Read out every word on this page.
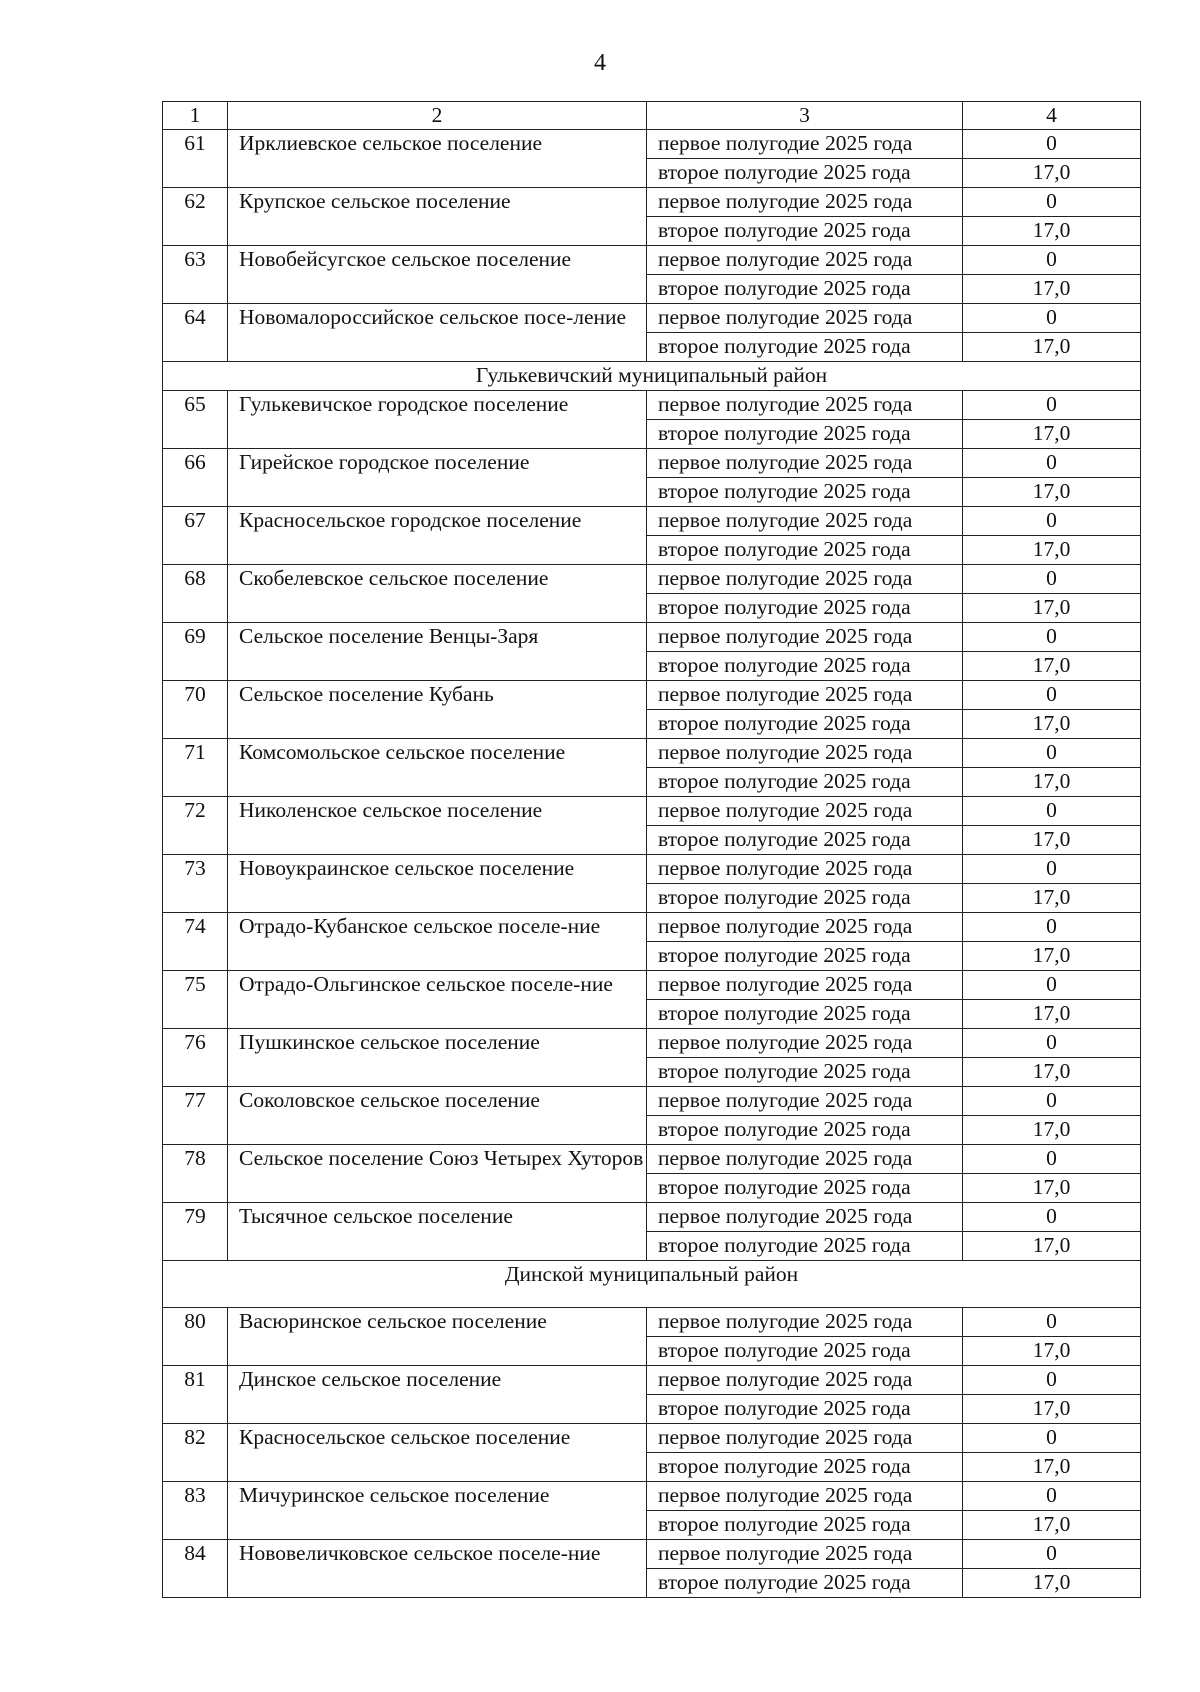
4
1	2	3	4
61	Ирклиевское сельское поселение	первое полугодие 2025 года	0
		второе полугодие 2025 года	17,0
62	Крупское сельское поселение	первое полугодие 2025 года	0
		второе полугодие 2025 года	17,0
63	Новобейсугское сельское поселение	первое полугодие 2025 года	0
		второе полугодие 2025 года	17,0
64	Новомалороссийское сельское посе-ление	первое полугодие 2025 года	0
		второе полугодие 2025 года	17,0
Гулькевичский муниципальный район			
65	Гулькевичское городское поселение	первое полугодие 2025 года	0
		второе полугодие 2025 года	17,0
66	Гирейское городское поселение	первое полугодие 2025 года	0
		второе полугодие 2025 года	17,0
67	Красносельское городское поселение	первое полугодие 2025 года	0
		второе полугодие 2025 года	17,0
68	Скобелевское сельское поселение	первое полугодие 2025 года	0
		второе полугодие 2025 года	17,0
69	Сельское поселение Венцы-Заря	первое полугодие 2025 года	0
		второе полугодие 2025 года	17,0
70	Сельское поселение Кубань	первое полугодие 2025 года	0
		второе полугодие 2025 года	17,0
71	Комсомольское сельское поселение	первое полугодие 2025 года	0
		второе полугодие 2025 года	17,0
72	Николенское сельское поселение	первое полугодие 2025 года	0
		второе полугодие 2025 года	17,0
73	Новоукраинское сельское поселение	первое полугодие 2025 года	0
		второе полугодие 2025 года	17,0
74	Отрадо-Кубанское сельское поселе-ние	первое полугодие 2025 года	0
		второе полугодие 2025 года	17,0
75	Отрадо-Ольгинское сельское поселе-ние	первое полугодие 2025 года	0
		второе полугодие 2025 года	17,0
76	Пушкинское сельское поселение	первое полугодие 2025 года	0
		второе полугодие 2025 года	17,0
77	Соколовское сельское поселение	первое полугодие 2025 года	0
		второе полугодие 2025 года	17,0
78	Сельское поселение Союз Четырех Хуторов	первое полугодие 2025 года	0
		второе полугодие 2025 года	17,0
79	Тысячное сельское поселение	первое полугодие 2025 года	0
		второе полугодие 2025 года	17,0
Динской муниципальный район			
80	Васюринское сельское поселение	первое полугодие 2025 года	0
		второе полугодие 2025 года	17,0
81	Динское сельское поселение	первое полугодие 2025 года	0
		второе полугодие 2025 года	17,0
82	Красносельское сельское поселение	первое полугодие 2025 года	0
		второе полугодие 2025 года	17,0
83	Мичуринское сельское поселение	первое полугодие 2025 года	0
		второе полугодие 2025 года	17,0
84	Нововеличковское сельское поселе-ние	первое полугодие 2025 года	0
		второе полугодие 2025 года	17,0
